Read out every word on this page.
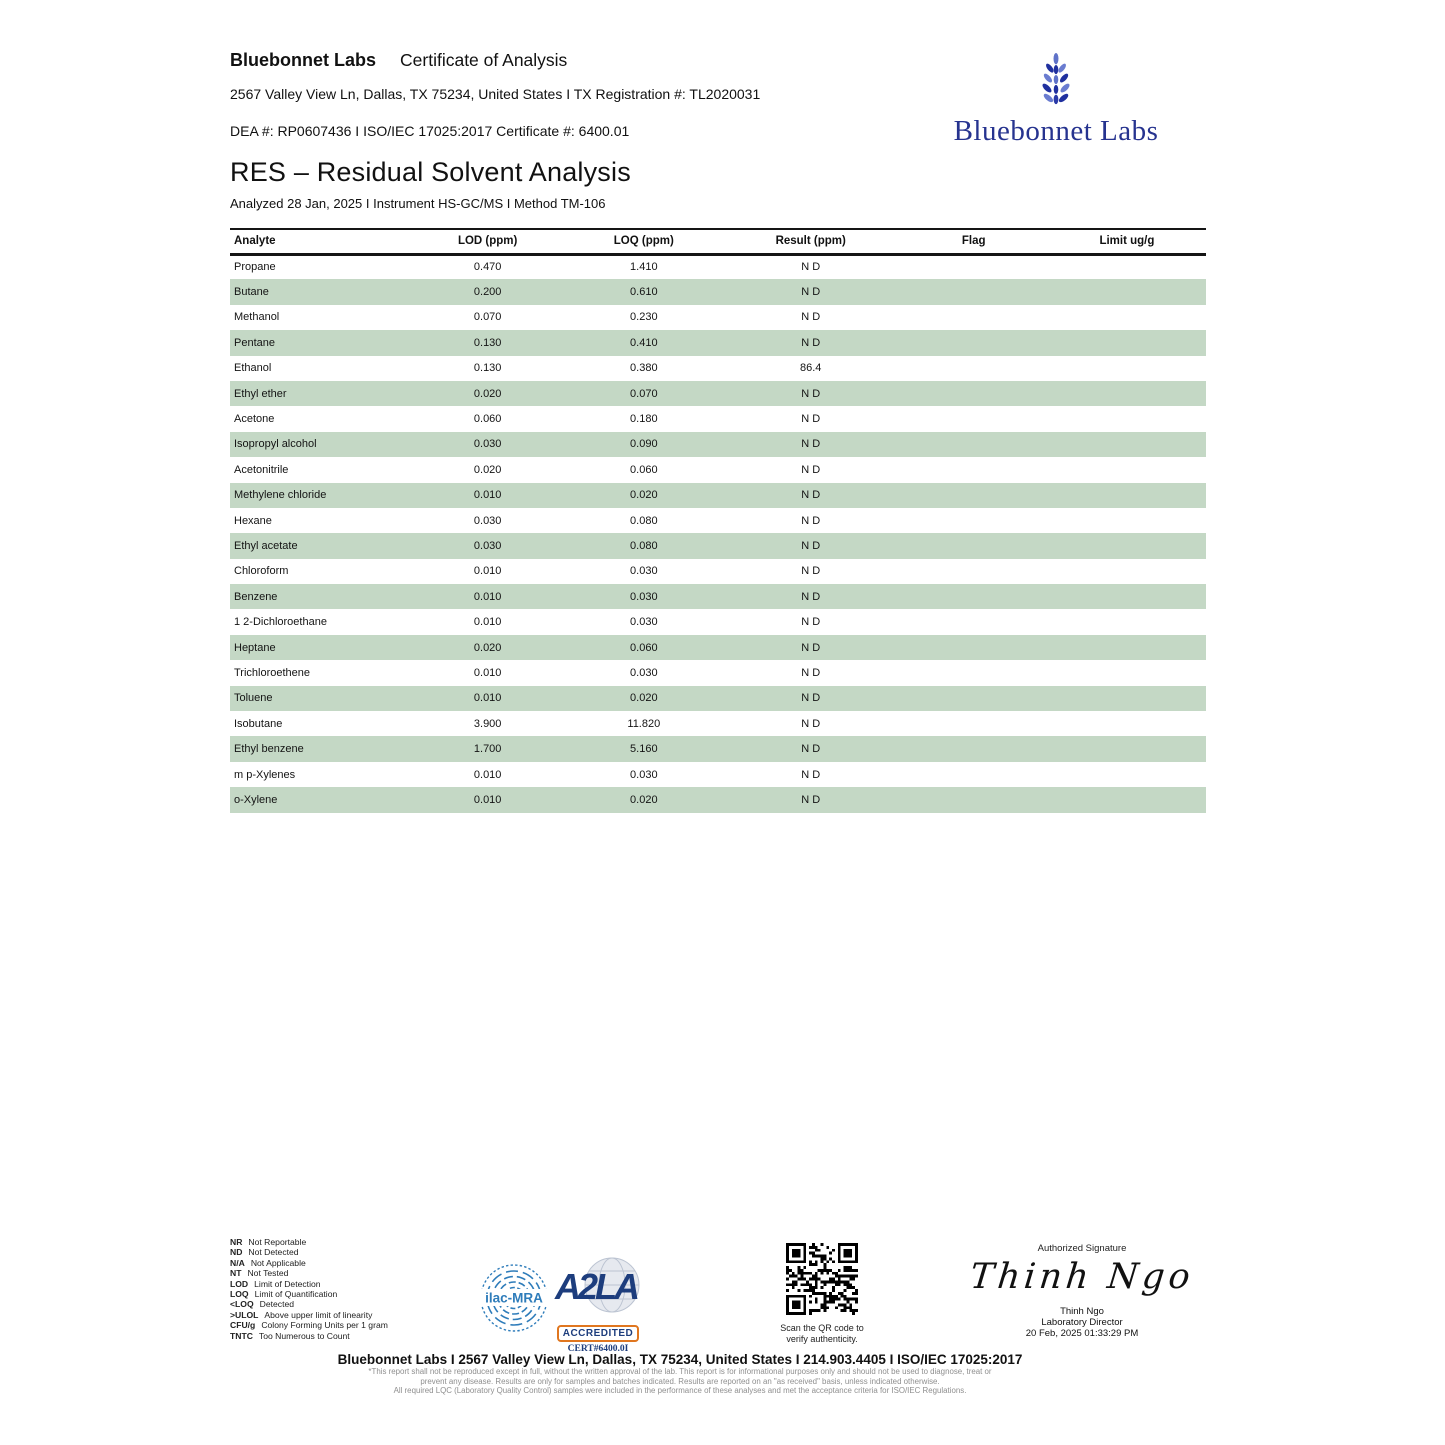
Bluebonnet Labs Certificate of Analysis
2567 Valley View Ln, Dallas, TX 75234, United States I TX Registration #: TL2020031
DEA #: RP0607436 I ISO/IEC 17025:2017 Certificate #: 6400.01	Bluebonnet Labs
RES – Residual Solvent Analysis
Analyzed 28 Jan, 2025 I Instrument HS-GC/MS I Method TM-106
Analyte	LOD (ppm)	LOQ (ppm)	Result (ppm)	Flag	Limit ug/g
Propane	0.470	1.410	N D		
Butane	0.200	0.610	N D		
Methanol	0.070	0.230	N D		
Pentane	0.130	0.410	N D		
Ethanol	0.130	0.380	86.4		
Ethyl ether	0.020	0.070	N D		
Acetone	0.060	0.180	N D		
Isopropyl alcohol	0.030	0.090	N D		
Acetonitrile	0.020	0.060	N D		
Methylene chloride	0.010	0.020	N D		
Hexane	0.030	0.080	N D		
Ethyl acetate	0.030	0.080	N D		
Chloroform	0.010	0.030	N D		
Benzene	0.010	0.030	N D		
1 2-Dichloroethane	0.010	0.030	N D		
Heptane	0.020	0.060	N D		
Trichloroethene	0.010	0.030	N D		
Toluene	0.010	0.020	N D		
Isobutane	3.900	11.820	N D		
Ethyl benzene	1.700	5.160	N D		
m p-Xylenes	0.010	0.030	N D		
o-Xylene	0.010	0.020	N D		
NR Not Reportable
ND Not Detected
N/A Not Applicable
NT Not Tested
LOD Limit of Detection
LOQ Limit of Quantification
<LOQ Detected
>ULOL Above upper limit of linearity
CFU/g Colony Forming Units per 1 gram
TNTC Too Numerous to Count
ilac-MRA A2LA
ACCREDITED
CERT#6400.0I
Scan the QR code to
verify authenticity.
Authorized Signature
Thinh Ngo
Thinh Ngo
Laboratory Director
20 Feb, 2025 01:33:29 PM
Bluebonnet Labs I 2567 Valley View Ln, Dallas, TX 75234, United States I 214.903.4405 I ISO/IEC 17025:2017
*This report shall not be reproduced except in full, without the written approval of the lab. This report is for informational purposes only and should not be used to diagnose, treat or
prevent any disease. Results are only for samples and batches indicated. Results are reported on an "as received" basis, unless indicated otherwise.
All required LQC (Laboratory Quality Control) samples were included in the performance of these analyses and met the acceptance criteria for ISO/IEC Regulations.
